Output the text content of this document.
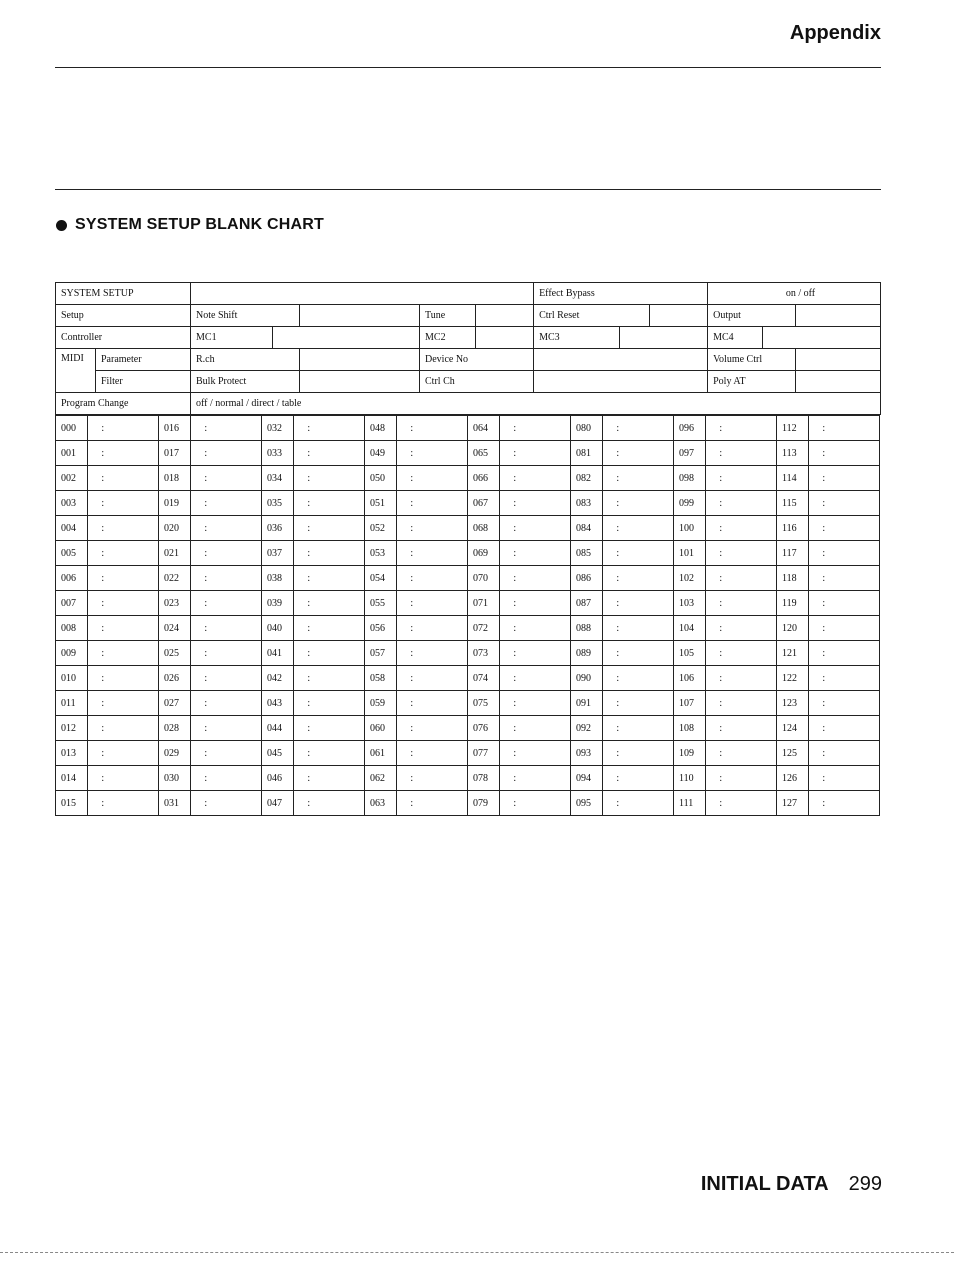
Appendix
SYSTEM SETUP BLANK CHART
SYSTEM SETUP							Effect Bypass			on / off		
Setup		Note Shift			Tune		Ctrl Reset			Output		
Controller		MC1			MC2		MC3			MC4		
MIDI	Parameter	R.ch			Device No					Volume Ctrl		
	Filter	Bulk Protect			Ctrl Ch					Poly AT		
Program Change		off / normal / direct / table										
000	:		016	:		032	:		048	:		064	:		080	:		096	:		112	:	
001	:		017	:		033	:		049	:		065	:		081	:		097	:		113	:	
002	:		018	:		034	:		050	:		066	:		082	:		098	:		114	:	
003	:		019	:		035	:		051	:		067	:		083	:		099	:		115	:	
004	:		020	:		036	:		052	:		068	:		084	:		100	:		116	:	
005	:		021	:		037	:		053	:		069	:		085	:		101	:		117	:	
006	:		022	:		038	:		054	:		070	:		086	:		102	:		118	:	
007	:		023	:		039	:		055	:		071	:		087	:		103	:		119	:	
008	:		024	:		040	:		056	:		072	:		088	:		104	:		120	:	
009	:		025	:		041	:		057	:		073	:		089	:		105	:		121	:	
010	:		026	:		042	:		058	:		074	:		090	:		106	:		122	:	
011	:		027	:		043	:		059	:		075	:		091	:		107	:		123	:	
012	:		028	:		044	:		060	:		076	:		092	:		108	:		124	:	
013	:		029	:		045	:		061	:		077	:		093	:		109	:		125	:	
014	:		030	:		046	:		062	:		078	:		094	:		110	:		126	:	
015	:		031	:		047	:		063	:		079	:		095	:		111	:		127	:	
INITIAL DATA 299
